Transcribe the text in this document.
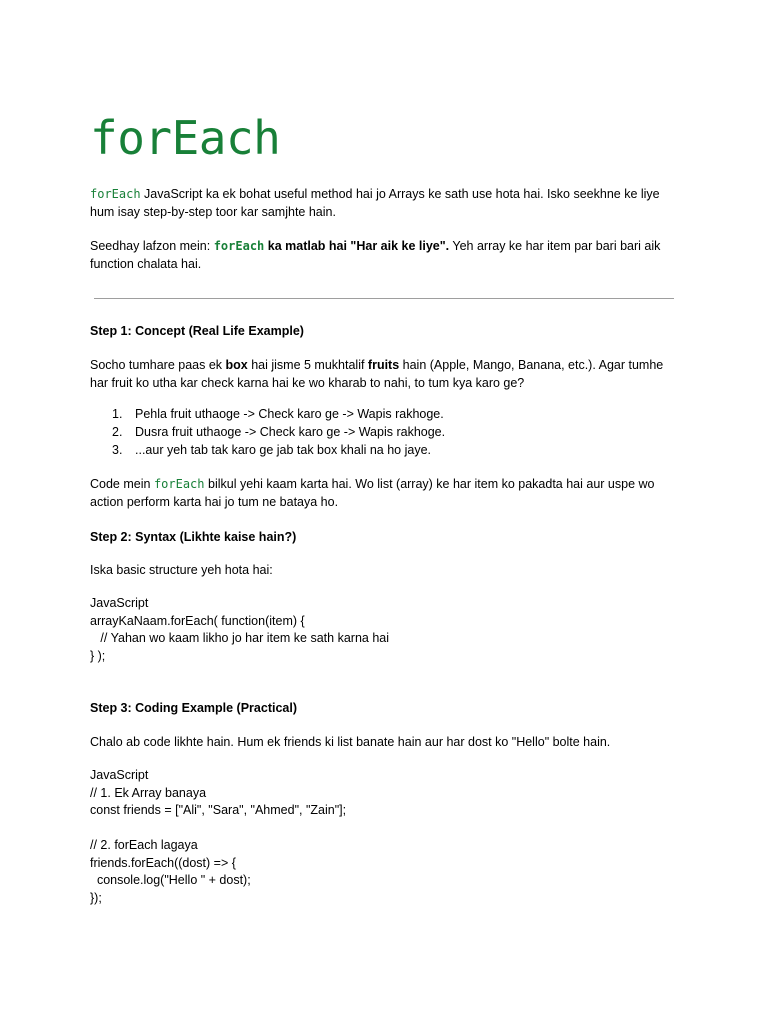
forEach

forEach JavaScript ka ek bohat useful method hai jo Arrays ke sath use hota hai. Isko seekhne ke liye hum isay step-by-step toor kar samjhte hain.

Seedhay lafzon mein: forEach ka matlab hai "Har aik ke liye". Yeh array ke har item par bari bari aik function chalata hai.

Step 1: Concept (Real Life Example)

Socho tumhare paas ek box hai jisme 5 mukhtalif fruits hain (Apple, Mango, Banana, etc.). Agar tumhe har fruit ko utha kar check karna hai ke wo kharab to nahi, to tum kya karo ge?

1. Pehla fruit uthaoge -> Check karo ge -> Wapis rakhoge.
2. Dusra fruit uthaoge -> Check karo ge -> Wapis rakhoge.
3. ...aur yeh tab tak karo ge jab tak box khali na ho jaye.

Code mein forEach bilkul yehi kaam karta hai. Wo list (array) ke har item ko pakadta hai aur uspe wo action perform karta hai jo tum ne bataya ho.

Step 2: Syntax (Likhte kaise hain?)

Iska basic structure yeh hota hai:

JavaScript
arrayKaNaam.forEach( function(item) {
// Yahan wo kaam likho jo har item ke sath karna hai
} );

Step 3: Coding Example (Practical)

Chalo ab code likhte hain. Hum ek friends ki list banate hain aur har dost ko "Hello" bolte hain.

JavaScript
// 1. Ek Array banaya
const friends = ["Ali", "Sara", "Ahmed", "Zain"];
// 2. forEach lagaya
friends.forEach((dost) => {
console.log("Hello " + dost);
});
